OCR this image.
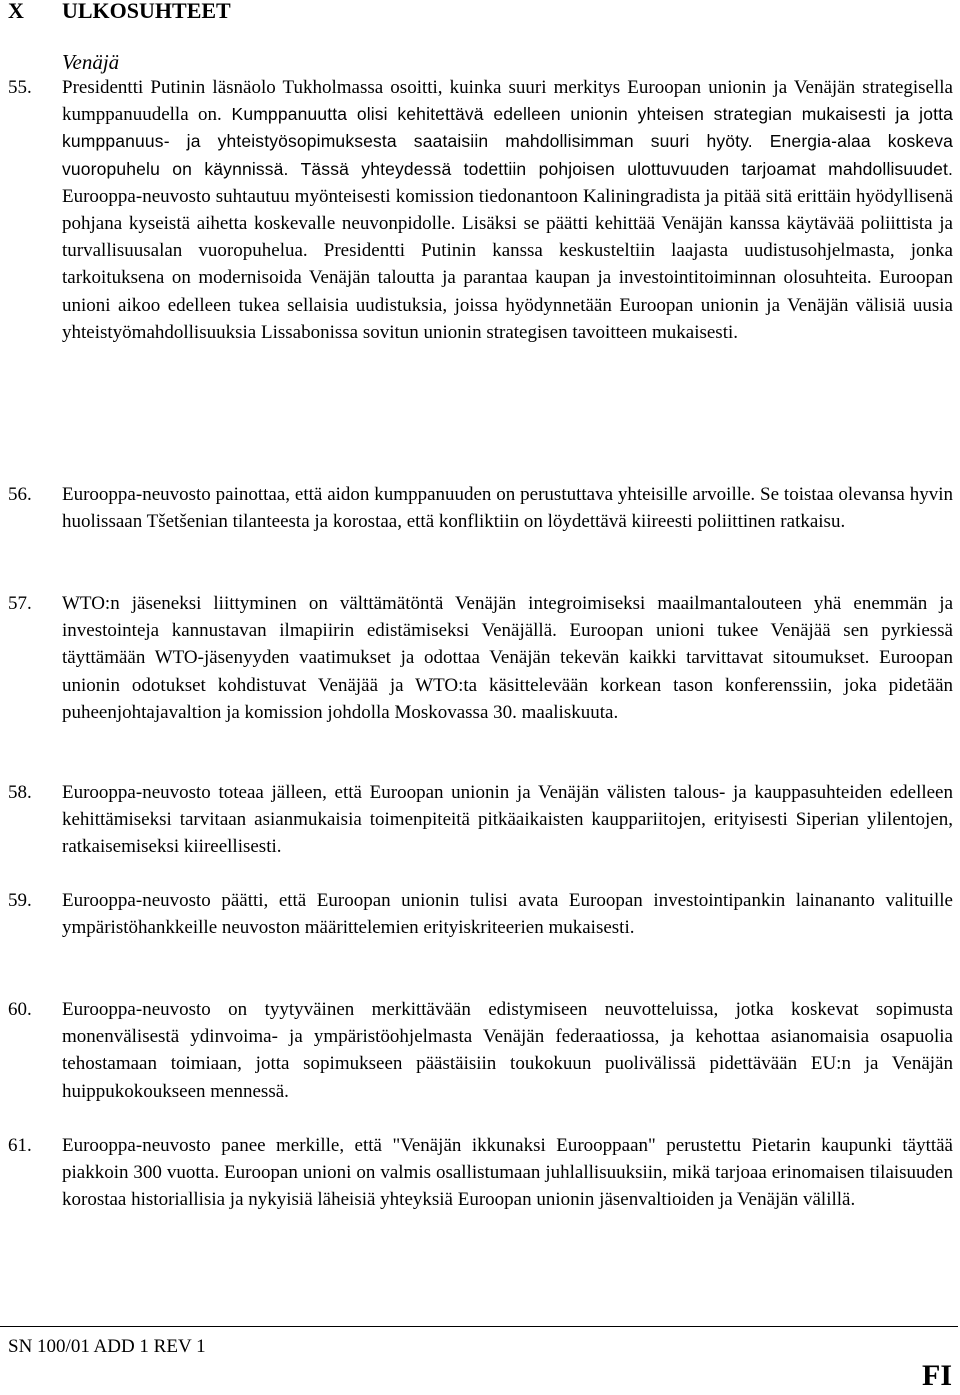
X ULKOSUHTEET
Venäjä
55. Presidentti Putinin läsnäolo Tukholmassa osoitti, kuinka suuri merkitys Euroopan unionin ja Venäjän strategisella kumppanuudella on. Kumppanuutta olisi kehitettävä edelleen unionin yhteisen strategian mukaisesti ja jotta kumppanuus- ja yhteistyösopimuksesta saataisiin mahdollisimman suuri hyöty. Energia-alaa koskeva vuoropuhelu on käynnissä. Tässä yhteydessä todettiin pohjoisen ulottuvuuden tarjoamat mahdollisuudet. Eurooppa-neuvosto suhtautuu myönteisesti komission tiedonantoon Kaliningradista ja pitää sitä erittäin hyödyllisenä pohjana kyseistä aihetta koskevalle neuvonpidolle. Lisäksi se päätti kehittää Venäjän kanssa käytävää poliittista ja turvallisuusalan vuoropuhelua. Presidentti Putinin kanssa keskusteltiin laajasta uudistusohjelmasta, jonka tarkoituksena on modernisoida Venäjän taloutta ja parantaa kaupan ja investointitoiminnan olosuhteita. Euroopan unioni aikoo edelleen tukea sellaisia uudistuksia, joissa hyödynnetään Euroopan unionin ja Venäjän välisiä uusia yhteistyömahdollisuuksia Lissabonissa sovitun unionin strategisen tavoitteen mukaisesti.
56. Eurooppa-neuvosto painottaa, että aidon kumppanuuden on perustuttava yhteisille arvoille. Se toistaa olevansa hyvin huolissaan Tšetšenian tilanteesta ja korostaa, että konfliktiin on löydettävä kiireesti poliittinen ratkaisu.
57. WTO:n jäseneksi liittyminen on välttämätöntä Venäjän integroimiseksi maailmantalouteen yhä enemmän ja investointeja kannustavan ilmapiirin edistämiseksi Venäjällä. Euroopan unioni tukee Venäjää sen pyrkiessä täyttämään WTO-jäsenyyden vaatimukset ja odottaa Venäjän tekevän kaikki tarvittavat sitoumukset. Euroopan unionin odotukset kohdistuvat Venäjää ja WTO:ta käsittelevään korkean tason konferenssiin, joka pidetään puheenjohtajavaltion ja komission johdolla Moskovassa 30. maaliskuuta.
58. Eurooppa-neuvosto toteaa jälleen, että Euroopan unionin ja Venäjän välisten talous- ja kauppasuhteiden edelleen kehittämiseksi tarvitaan asianmukaisia toimenpiteitä pitkäaikaisten kauppariitojen, erityisesti Siperian ylilentojen, ratkaisemiseksi kiireellisesti.
59. Eurooppa-neuvosto päätti, että Euroopan unionin tulisi avata Euroopan investointipankin lainananto valituille ympäristöhankkeille neuvoston määrittelemien erityiskriteerien mukaisesti.
60. Eurooppa-neuvosto on tyytyväinen merkittävään edistymiseen neuvotteluissa, jotka koskevat sopimusta monenvälisestä ydinvoima- ja ympäristöohjelmasta Venäjän federaatiossa, ja kehottaa asianomaisia osapuolia tehostamaan toimiaan, jotta sopimukseen päästäisiin toukokuun puolivälissä pidettävään EU:n ja Venäjän huippukokoukseen mennessä.
61. Eurooppa-neuvosto panee merkille, että "Venäjän ikkunaksi Eurooppaan" perustettu Pietarin kaupunki täyttää piakkoin 300 vuotta. Euroopan unioni on valmis osallistumaan juhlallisuuksiin, mikä tarjoaa erinomaisen tilaisuuden korostaa historiallisia ja nykyisiä läheisiä yhteyksiä Euroopan unionin jäsenvaltioiden ja Venäjän välillä.
SN 100/01 ADD 1 REV 1
FI
